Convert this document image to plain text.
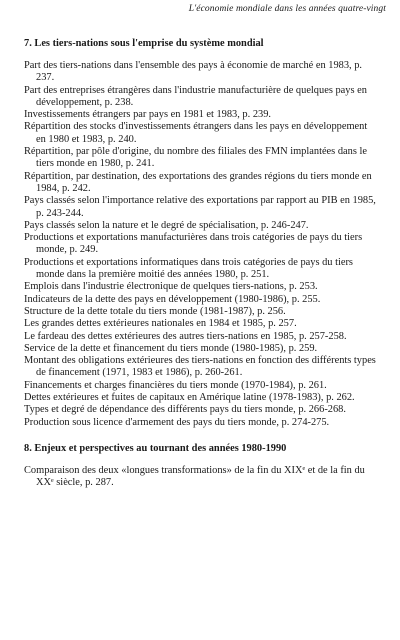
L'économie mondiale dans les années quatre-vingt
7. Les tiers-nations sous l'emprise du système mondial
Part des tiers-nations dans l'ensemble des pays à économie de marché en 1983, p. 237.
Part des entreprises étrangères dans l'industrie manufacturière de quelques pays en développement, p. 238.
Investissements étrangers par pays en 1981 et 1983, p. 239.
Répartition des stocks d'investissements étrangers dans les pays en développement en 1980 et 1983, p. 240.
Répartition, par pôle d'origine, du nombre des filiales des FMN implantées dans le tiers monde en 1980, p. 241.
Répartition, par destination, des exportations des grandes régions du tiers monde en 1984, p. 242.
Pays classés selon l'importance relative des exportations par rapport au PIB en 1985, p. 243-244.
Pays classés selon la nature et le degré de spécialisation, p. 246-247.
Productions et exportations manufacturières dans trois catégories de pays du tiers monde, p. 249.
Productions et exportations informatiques dans trois catégories de pays du tiers monde dans la première moitié des années 1980, p. 251.
Emplois dans l'industrie électronique de quelques tiers-nations, p. 253.
Indicateurs de la dette des pays en développement (1980-1986), p. 255.
Structure de la dette totale du tiers monde (1981-1987), p. 256.
Les grandes dettes extérieures nationales en 1984 et 1985, p. 257.
Le fardeau des dettes extérieures des autres tiers-nations en 1985, p. 257-258.
Service de la dette et financement du tiers monde (1980-1985), p. 259.
Montant des obligations extérieures des tiers-nations en fonction des différents types de financement (1971, 1983 et 1986), p. 260-261.
Financements et charges financières du tiers monde (1970-1984), p. 261.
Dettes extérieures et fuites de capitaux en Amérique latine (1978-1983), p. 262.
Types et degré de dépendance des différents pays du tiers monde, p. 266-268.
Production sous licence d'armement des pays du tiers monde, p. 274-275.
8. Enjeux et perspectives au tournant des années 1980-1990
Comparaison des deux «longues transformations» de la fin du XIXᵉ et de la fin du XXᵉ siècle, p. 287.
